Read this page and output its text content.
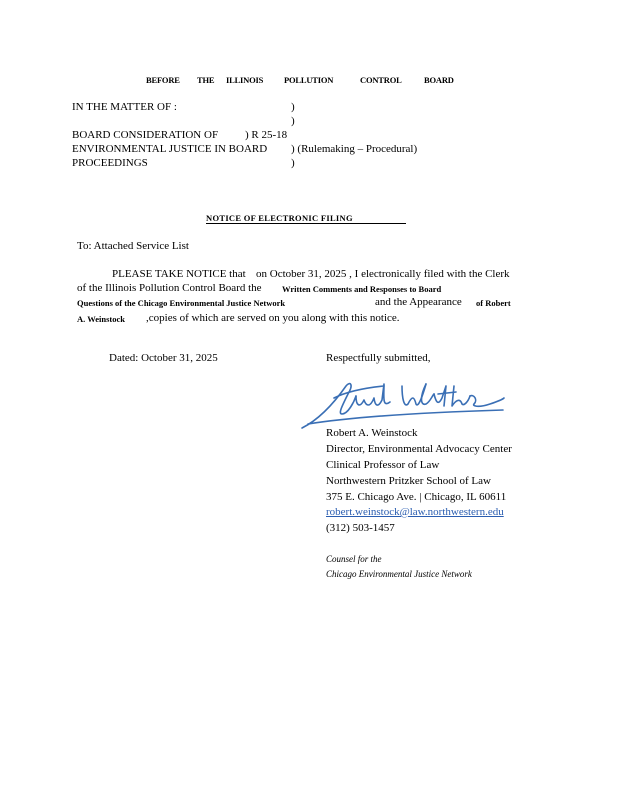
BEFORE THE ILLINOIS POLLUTION	CONTROL	BOARD
IN THE MATTER OF :	)
)
BOARD CONSIDERATION OF ) R 25-18
ENVIRONMENTAL JUSTICE IN BOARD ) (Rulemaking – Procedural)
PROCEEDINGS	)
NOTICE OF ELECTRONIC FILING
To: Attached Service List
PLEASE TAKE NOTICE that on October 31, 2025 , I electronically filed with the Clerk
of the Illinois Pollution Control Board the Written Comments and Responses to Board
Questions of the Chicago Environmental Justice Network	and the Appearance of Robert
A. Weinstock ,copies of which are served on you along with this notice.
Dated: October 31, 2025	Respectfully submitted,
Robert A. Weinstock
Director, Environmental Advocacy Center
Clinical Professor of Law
Northwestern Pritzker School of Law
375 E. Chicago Ave. | Chicago, IL 60611
robert.weinstock@law.northwestern.edu
(312) 503-1457
Counsel for the
Chicago Environmental Justice Network
